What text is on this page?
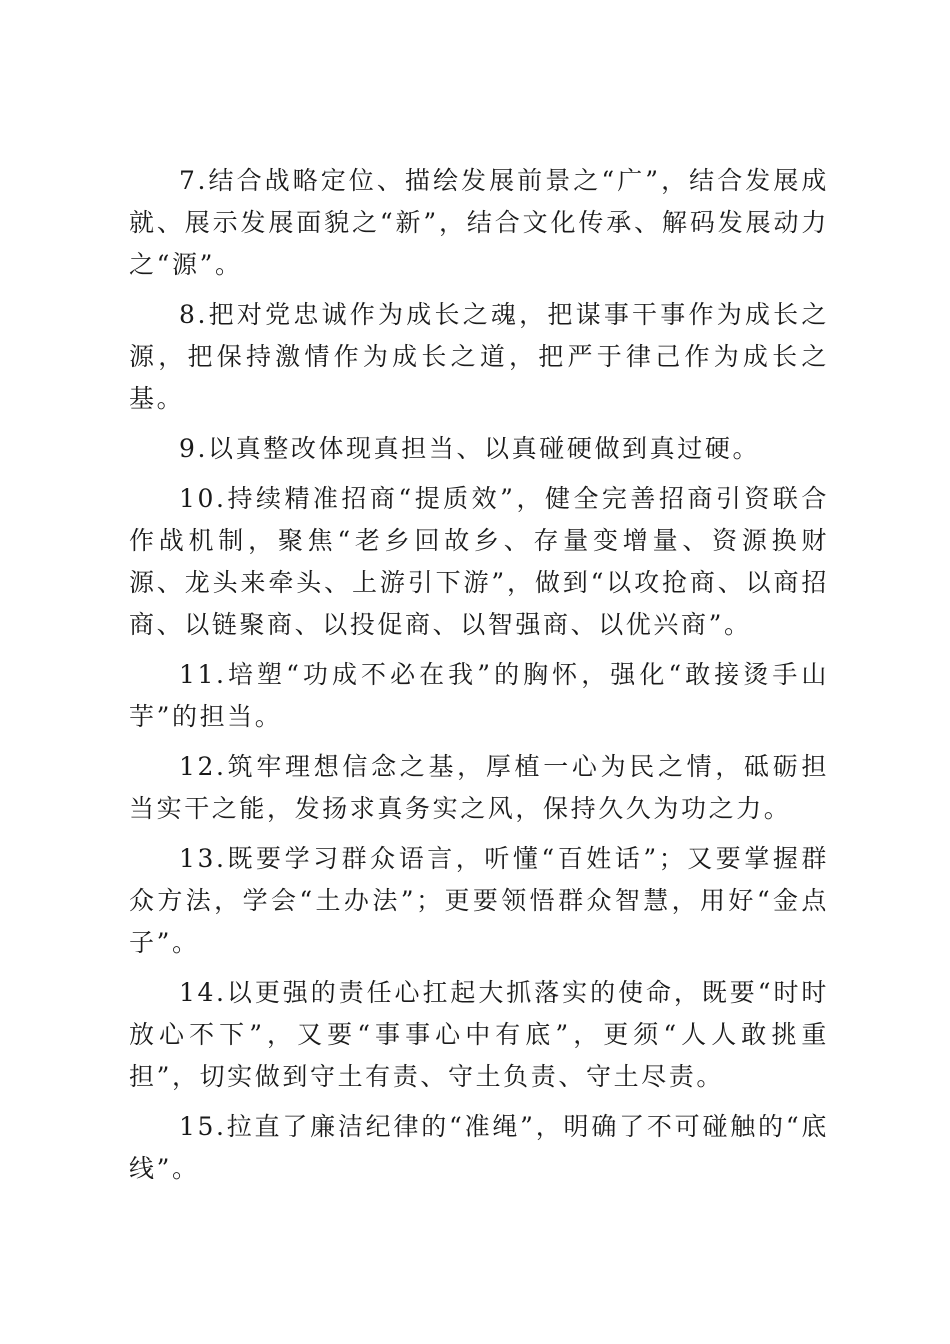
7.结合战略定位、描绘发展前景之“广”，结合发展成就、展示发展面貌之“新”，结合文化传承、解码发展动力之“源”。

8.把对党忠诚作为成长之魂，把谋事干事作为成长之源，把保持激情作为成长之道，把严于律己作为成长之基。

9.以真整改体现真担当、以真碰硬做到真过硬。

10.持续精准招商“提质效”，健全完善招商引资联合作战机制，聚焦“老乡回故乡、存量变增量、资源换财源、龙头来牵头、上游引下游”，做到“以攻抢商、以商招商、以链聚商、以投促商、以智强商、以优兴商”。

11.培塑“功成不必在我”的胸怀，强化“敢接烫手山芋”的担当。

12.筑牢理想信念之基，厚植一心为民之情，砥砺担当实干之能，发扬求真务实之风，保持久久为功之力。

13.既要学习群众语言，听懂“百姓话”；又要掌握群众方法，学会“土办法”；更要领悟群众智慧，用好“金点子”。

14.以更强的责任心扛起大抓落实的使命，既要“时时放心不下”，又要“事事心中有底”，更须“人人敢挑重担”，切实做到守土有责、守土负责、守土尽责。

15.拉直了廉洁纪律的“准绳”，明确了不可碰触的“底线”。
